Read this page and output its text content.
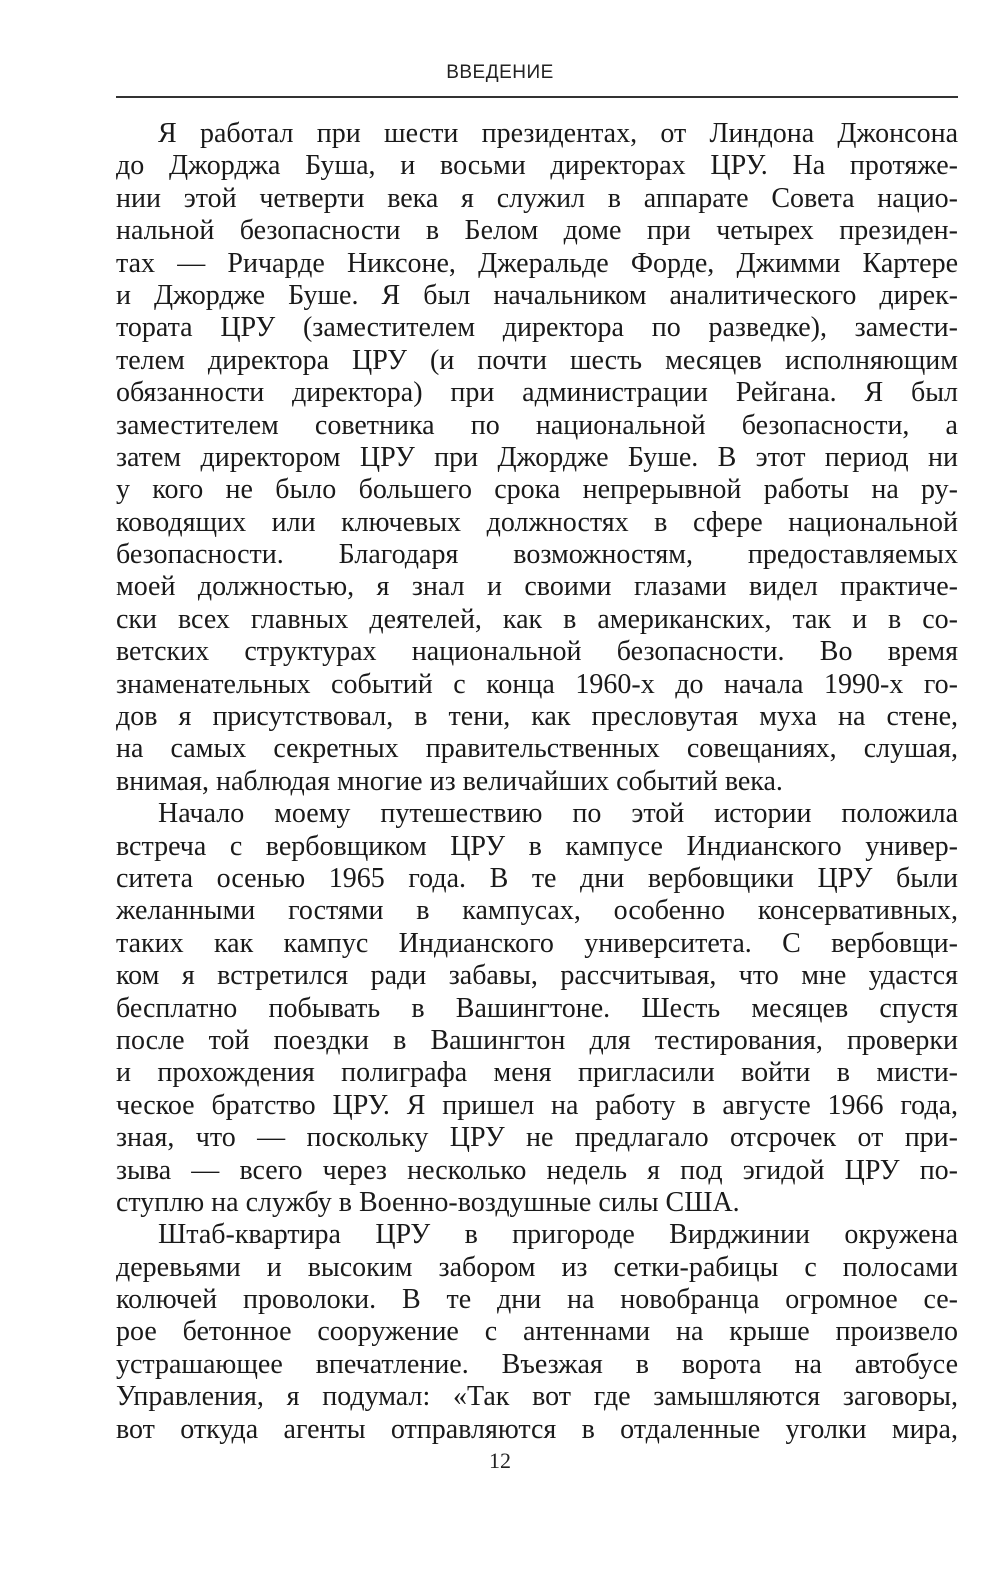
ВВЕДЕНИЕ
Я работал при шести президентах, от Линдона Джонсона
до Джорджа Буша, и восьми директорах ЦРУ. На протяже-
нии этой четверти века я служил в аппарате Совета нацио-
нальной безопасности в Белом доме при четырех президен-
тах — Ричарде Никсоне, Джеральде Форде, Джимми Картере
и Джордже Буше. Я был начальником аналитического дирек-
тората ЦРУ (заместителем директора по разведке), замести-
телем директора ЦРУ (и почти шесть месяцев исполняющим
обязанности директора) при администрации Рейгана. Я был
заместителем советника по национальной безопасности, а
затем директором ЦРУ при Джордже Буше. В этот период ни
у кого не было большего срока непрерывной работы на ру-
ководящих или ключевых должностях в сфере национальной
безопасности. Благодаря возможностям, предоставляемых
моей должностью, я знал и своими глазами видел практиче-
ски всех главных деятелей, как в американских, так и в со-
ветских структурах национальной безопасности. Во время
знаменательных событий с конца 1960-х до начала 1990-х го-
дов я присутствовал, в тени, как пресловутая муха на стене,
на самых секретных правительственных совещаниях, слушая,
внимая, наблюдая многие из величайших событий века.
Начало моему путешествию по этой истории положила
встреча с вербовщиком ЦРУ в кампусе Индианского универ-
ситета осенью 1965 года. В те дни вербовщики ЦРУ были
желанными гостями в кампусах, особенно консервативных,
таких как кампус Индианского университета. С вербовщи-
ком я встретился ради забавы, рассчитывая, что мне удастся
бесплатно побывать в Вашингтоне. Шесть месяцев спустя
после той поездки в Вашингтон для тестирования, проверки
и прохождения полиграфа меня пригласили войти в мисти-
ческое братство ЦРУ. Я пришел на работу в августе 1966 года,
зная, что — поскольку ЦРУ не предлагало отсрочек от при-
зыва — всего через несколько недель я под эгидой ЦРУ по-
ступлю на службу в Военно-воздушные силы США.
Штаб-квартира ЦРУ в пригороде Вирджинии окружена
деревьями и высоким забором из сетки-рабицы с полосами
колючей проволоки. В те дни на новобранца огромное се-
рое бетонное сооружение с антеннами на крыше произвело
устрашающее впечатление. Въезжая в ворота на автобусе
Управления, я подумал: «Так вот где замышляются заговоры,
вот откуда агенты отправляются в отдаленные уголки мира,
12
